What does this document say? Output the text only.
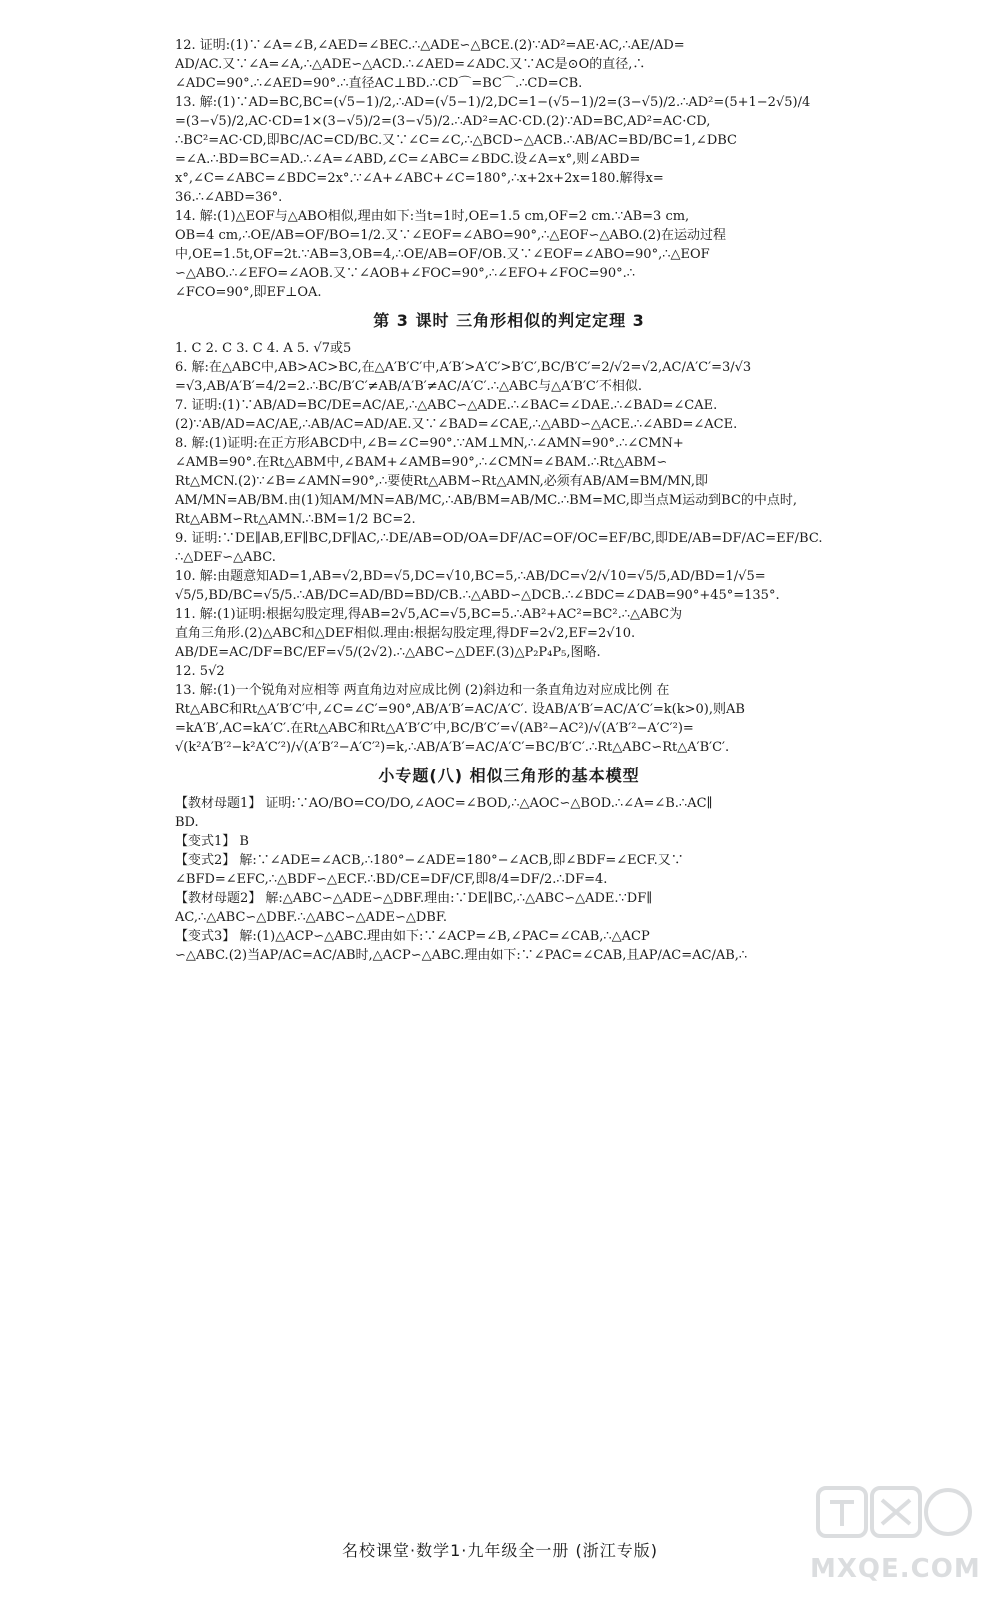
12. 证明:(1)∵∠A=∠B,∠AED=∠BEC.∴△ADE∽△BCE.(2)∵AD²=AE·AC,∴AE/AD=

AD/AC.又∵∠A=∠A,∴△ADE∽△ACD.∴∠AED=∠ADC.又∵AC是⊙O的直径,∴

∠ADC=90°.∴∠AED=90°.∴直径AC⊥BD.∴CD⌒=BC⌒.∴CD=CB.

13. 解:(1)∵AD=BC,BC=(√5−1)/2,∴AD=(√5−1)/2,DC=1−(√5−1)/2=(3−√5)/2.∴AD²=(5+1−2√5)/4

=(3−√5)/2,AC·CD=1×(3−√5)/2=(3−√5)/2.∴AD²=AC·CD.(2)∵AD=BC,AD²=AC·CD,

∴BC²=AC·CD,即BC/AC=CD/BC.又∵∠C=∠C,∴△BCD∽△ACB.∴AB/AC=BD/BC=1,∠DBC

=∠A.∴BD=BC=AD.∴∠A=∠ABD,∠C=∠ABC=∠BDC.设∠A=x°,则∠ABD=

x°,∠C=∠ABC=∠BDC=2x°.∵∠A+∠ABC+∠C=180°,∴x+2x+2x=180.解得x=

36.∴∠ABD=36°.

14. 解:(1)△EOF与△ABO相似,理由如下:当t=1时,OE=1.5 cm,OF=2 cm.∵AB=3 cm,

OB=4 cm,∴OE/AB=OF/BO=1/2.又∵∠EOF=∠ABO=90°,∴△EOF∽△ABO.(2)在运动过程

中,OE=1.5t,OF=2t.∵AB=3,OB=4,∴OE/AB=OF/OB.又∵∠EOF=∠ABO=90°,∴△EOF

∽△ABO.∴∠EFO=∠AOB.又∵∠AOB+∠FOC=90°,∴∠EFO+∠FOC=90°.∴

∠FCO=90°,即EF⊥OA.

第 3 课时 三角形相似的判定定理 3

1. C 2. C 3. C 4. A 5. √7或5

6. 解:在△ABC中,AB>AC>BC,在△A′B′C′中,A′B′>A′C′>B′C′,BC/B′C′=2/√2=√2,AC/A′C′=3/√3

=√3,AB/A′B′=4/2=2.∴BC/B′C′≠AB/A′B′≠AC/A′C′.∴△ABC与△A′B′C′不相似.

7. 证明:(1)∵AB/AD=BC/DE=AC/AE,∴△ABC∽△ADE.∴∠BAC=∠DAE.∴∠BAD=∠CAE.

(2)∵AB/AD=AC/AE,∴AB/AC=AD/AE.又∵∠BAD=∠CAE,∴△ABD∽△ACE.∴∠ABD=∠ACE.

8. 解:(1)证明:在正方形ABCD中,∠B=∠C=90°.∵AM⊥MN,∴∠AMN=90°.∴∠CMN+

∠AMB=90°.在Rt△ABM中,∠BAM+∠AMB=90°,∴∠CMN=∠BAM.∴Rt△ABM∽

Rt△MCN.(2)∵∠B=∠AMN=90°,∴要使Rt△ABM∽Rt△AMN,必须有AB/AM=BM/MN,即

AM/MN=AB/BM.由(1)知AM/MN=AB/MC,∴AB/BM=AB/MC.∴BM=MC,即当点M运动到BC的中点时,

Rt△ABM∽Rt△AMN.∴BM=1/2 BC=2.

9. 证明:∵DE∥AB,EF∥BC,DF∥AC,∴DE/AB=OD/OA=DF/AC=OF/OC=EF/BC,即DE/AB=DF/AC=EF/BC.

∴△DEF∽△ABC.

10. 解:由题意知AD=1,AB=√2,BD=√5,DC=√10,BC=5,∴AB/DC=√2/√10=√5/5,AD/BD=1/√5=

√5/5,BD/BC=√5/5.∴AB/DC=AD/BD=BD/CB.∴△ABD∽△DCB.∴∠BDC=∠DAB=90°+45°=135°.

11. 解:(1)证明:根据勾股定理,得AB=2√5,AC=√5,BC=5.∴AB²+AC²=BC².∴△ABC为

直角三角形.(2)△ABC和△DEF相似.理由:根据勾股定理,得DF=2√2,EF=2√10.

AB/DE=AC/DF=BC/EF=√5/(2√2).∴△ABC∽△DEF.(3)△P₂P₄P₅,图略.

12. 5√2

13. 解:(1)一个锐角对应相等 两直角边对应成比例 (2)斜边和一条直角边对应成比例 在

Rt△ABC和Rt△A′B′C′中,∠C=∠C′=90°,AB/A′B′=AC/A′C′. 设AB/A′B′=AC/A′C′=k(k>0),则AB

=kA′B′,AC=kA′C′.在Rt△ABC和Rt△A′B′C′中,BC/B′C′=√(AB²−AC²)/√(A′B′²−A′C′²)=

√(k²A′B′²−k²A′C′²)/√(A′B′²−A′C′²)=k,∴AB/A′B′=AC/A′C′=BC/B′C′.∴Rt△ABC∽Rt△A′B′C′.

小专题(八) 相似三角形的基本模型

【教材母题1】 证明:∵AO/BO=CO/DO,∠AOC=∠BOD,∴△AOC∽△BOD.∴∠A=∠B.∴AC∥

BD.

【变式1】 B

【变式2】 解:∵∠ADE=∠ACB,∴180°−∠ADE=180°−∠ACB,即∠BDF=∠ECF.又∵

∠BFD=∠EFC,∴△BDF∽△ECF.∴BD/CE=DF/CF,即8/4=DF/2.∴DF=4.

【教材母题2】 解:△ABC∽△ADE∽△DBF.理由:∵DE∥BC,∴△ABC∽△ADE.∵DF∥

AC,∴△ABC∽△DBF.∴△ABC∽△ADE∽△DBF.

【变式3】 解:(1)△ACP∽△ABC.理由如下:∵∠ACP=∠B,∠PAC=∠CAB,∴△ACP

∽△ABC.(2)当AP/AC=AC/AB时,△ACP∽△ABC.理由如下:∵∠PAC=∠CAB,且AP/AC=AC/AB,∴

名校课堂·数学1·九年级全一册 (浙江专版)
MXQE.COM
